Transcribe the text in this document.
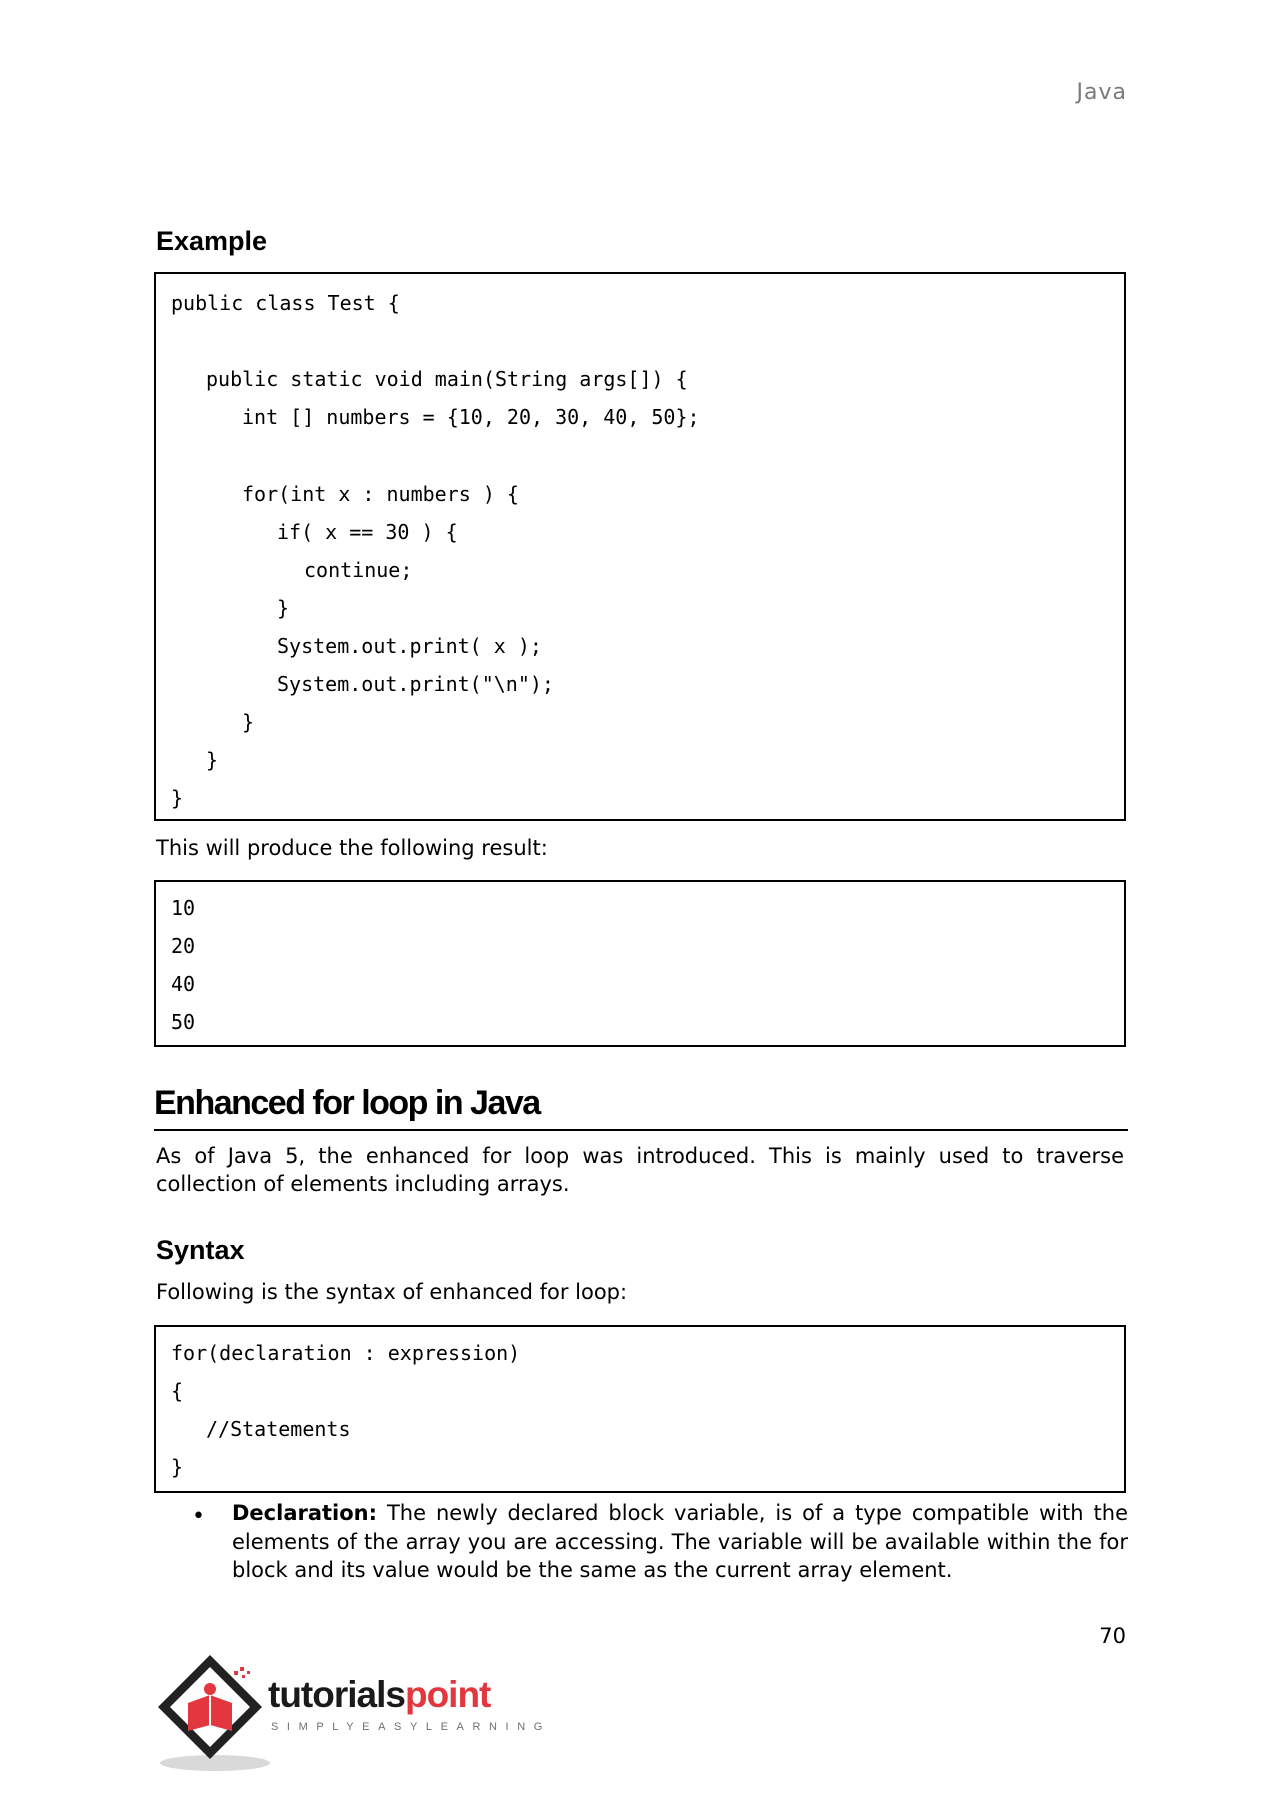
Java
Example
public class Test {
public static void main(String args[]) {
int [] numbers = {10, 20, 30, 40, 50};
for(int x : numbers ) {
if( x == 30 ) {
continue;
}
System.out.print( x );
System.out.print("\n");
}
}
}
This will produce the following result:
10
20
40
50
Enhanced for loop in Java
As of Java 5, the enhanced for loop was introduced. This is mainly used to traverse collection of elements including arrays.
Syntax
Following is the syntax of enhanced for loop:
for(declaration : expression)
{
//Statements
}
• Declaration: The newly declared block variable, is of a type compatible with the elements of the array you are accessing. The variable will be available within the for block and its value would be the same as the current array element.
70
tutorialspoint
SIMPLYEASYLEARNING
